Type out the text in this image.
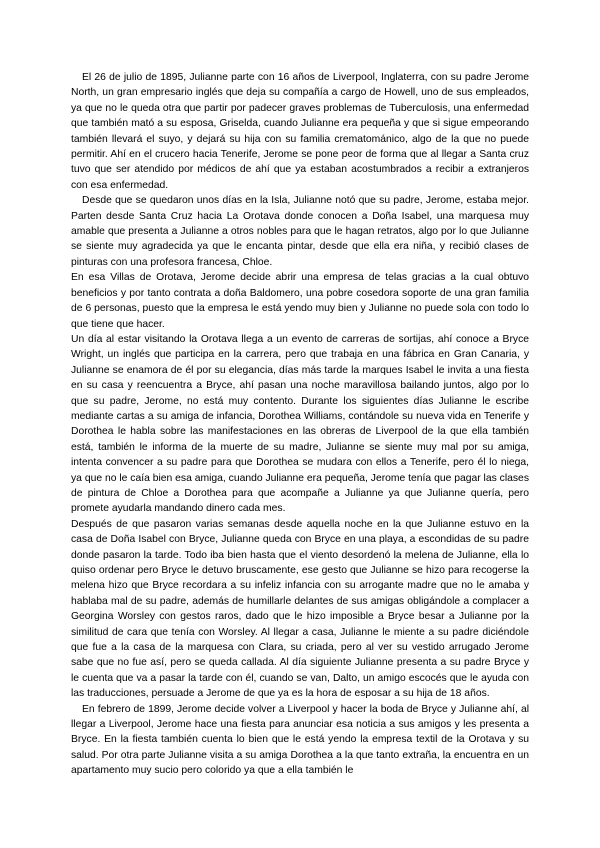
El 26 de julio de 1895, Julianne parte con 16 años de Liverpool, Inglaterra, con su padre Jerome North, un gran empresario inglés que deja su compañía a cargo de Howell, uno de sus empleados, ya que no le queda otra que partir por padecer graves problemas de Tuberculosis, una enfermedad que también mató a su esposa, Griselda, cuando Julianne era pequeña y que si sigue empeorando también llevará el suyo, y dejará su hija con su familia crematománico, algo de la que no puede permitir. Ahí en el crucero hacia Tenerife, Jerome se pone peor de forma que al llegar a Santa cruz tuvo que ser atendido por médicos de ahí que ya estaban acostumbrados a recibir a extranjeros con esa enfermedad.

Desde que se quedaron unos días en la Isla, Julianne notó que su padre, Jerome, estaba mejor. Parten desde Santa Cruz hacia La Orotava donde conocen a Doña Isabel, una marquesa muy amable que presenta a Julianne a otros nobles para que le hagan retratos, algo por lo que Julianne se siente muy agradecida ya que le encanta pintar, desde que ella era niña, y recibió clases de pinturas con una profesora francesa, Chloe.

En esa Villas de Orotava, Jerome decide abrir una empresa de telas gracias a la cual obtuvo beneficios y por tanto contrata a doña Baldomero, una pobre cosedora soporte de una gran familia de 6 personas, puesto que la empresa le está yendo muy bien y Julianne no puede sola con todo lo que tiene que hacer.

Un día al estar visitando la Orotava llega a un evento de carreras de sortijas, ahí conoce a Bryce Wright, un inglés que participa en la carrera, pero que trabaja en una fábrica en Gran Canaria, y Julianne se enamora de él por su elegancia, días más tarde la marques Isabel le invita a una fiesta en su casa y reencuentra a Bryce, ahí pasan una noche maravillosa bailando juntos, algo por lo que su padre, Jerome, no está muy contento. Durante los siguientes días Julianne le escribe mediante cartas a su amiga de infancia, Dorothea Williams, contándole su nueva vida en Tenerife y Dorothea le habla sobre las manifestaciones en las obreras de Liverpool de la que ella también está, también le informa de la muerte de su madre, Julianne se siente muy mal por su amiga, intenta convencer a su padre para que Dorothea se mudara con ellos a Tenerife, pero él lo niega, ya que no le caía bien esa amiga, cuando Julianne era pequeña, Jerome tenía que pagar las clases de pintura de Chloe a Dorothea para que acompañe a Julianne ya que Julianne quería, pero promete ayudarla mandando dinero cada mes.

Después de que pasaron varias semanas desde aquella noche en la que Julianne estuvo en la casa de Doña Isabel con Bryce, Julianne queda con Bryce en una playa, a escondidas de su padre donde pasaron la tarde. Todo iba bien hasta que el viento desordenó la melena de Julianne, ella lo quiso ordenar pero Bryce le detuvo bruscamente, ese gesto que Julianne se hizo para recogerse la melena hizo que Bryce recordara a su infeliz infancia con su arrogante madre que no le amaba y hablaba mal de su padre, además de humillarle delantes de sus amigas obligándole a complacer a Georgina Worsley con gestos raros, dado que le hizo imposible a Bryce besar a Julianne por la similitud de cara que tenía con Worsley. Al llegar a casa, Julianne le miente a su padre diciéndole que fue a la casa de la marquesa con Clara, su criada, pero al ver su vestido arrugado Jerome sabe que no fue así, pero se queda callada. Al día siguiente Julianne presenta a su padre Bryce y le cuenta que va a pasar la tarde con él, cuando se van, Dalto, un amigo escocés que le ayuda con las traducciones, persuade a Jerome de que ya es la hora de esposar a su hija de 18 años.

En febrero de 1899, Jerome decide volver a Liverpool y hacer la boda de Bryce y Julianne ahí, al llegar a Liverpool, Jerome hace una fiesta para anunciar esa noticia a sus amigos y les presenta a Bryce. En la fiesta también cuenta lo bien que le está yendo la empresa textil de la Orotava y su salud. Por otra parte Julianne visita a su amiga Dorothea a la que tanto extraña, la encuentra en un apartamento muy sucio pero colorido ya que a ella también le
